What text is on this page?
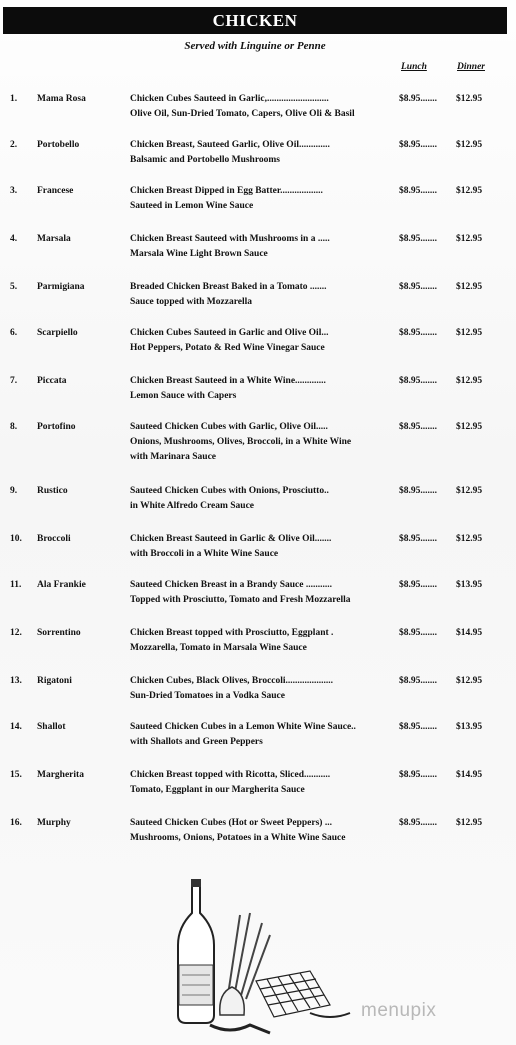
CHICKEN
Served with Linguine or Penne
Lunch	Dinner
1. Mama Rosa	Chicken Cubes Sauteed in Garlic,..........................
Olive Oil, Sun-Dried Tomato, Capers, Olive Oli & Basil
$8.95....... $12.95
2. Portobello	Chicken Breast, Sauteed Garlic, Olive Oil.............
Balsamic and Portobello Mushrooms
$8.95....... $12.95
3. Francese	Chicken Breast Dipped in Egg Batter..................
Sauteed in Lemon Wine Sauce
$8.95....... $12.95
4. Marsala	Chicken Breast Sauteed with Mushrooms in a .....
Marsala Wine Light Brown Sauce
$8.95....... $12.95
5. Parmigiana	Breaded Chicken Breast Baked in a Tomato .......
Sauce topped with Mozzarella
$8.95....... $12.95
6. Scarpiello	Chicken Cubes Sauteed in Garlic and Olive Oil...
Hot Peppers, Potato & Red Wine Vinegar Sauce
$8.95....... $12.95
7. Piccata	Chicken Breast Sauteed in a White Wine.............
Lemon Sauce with Capers
$8.95....... $12.95
8. Portofino	Sauteed Chicken Cubes with Garlic, Olive Oil.....
Onions, Mushrooms, Olives, Broccoli, in a White Wine
with Marinara Sauce
$8.95....... $12.95
9. Rustico	Sauteed Chicken Cubes with Onions, Prosciutto..
in White Alfredo Cream Sauce
$8.95....... $12.95
10. Broccoli	Chicken Breast Sauteed in Garlic & Olive Oil.......
with Broccoli in a White Wine Sauce
$8.95....... $12.95
11. Ala Frankie	Sauteed Chicken Breast in a Brandy Sauce ...........
Topped with Prosciutto, Tomato and Fresh Mozzarella
$8.95....... $13.95
12. Sorrentino	Chicken Breast topped with Prosciutto, Eggplant .
Mozzarella, Tomato in Marsala Wine Sauce
$8.95....... $14.95
13. Rigatoni	Chicken Cubes, Black Olives, Broccoli....................
Sun-Dried Tomatoes in a Vodka Sauce
$8.95....... $12.95
14. Shallot	Sauteed Chicken Cubes in a Lemon White Wine Sauce..
with Shallots and Green Peppers
$8.95....... $13.95
15. Margherita	Chicken Breast topped with Ricotta, Sliced...........
Tomato, Eggplant in our Margherita Sauce
$8.95....... $14.95
16. Murphy	Sauteed Chicken Cubes (Hot or Sweet Peppers) ...
Mushrooms, Onions, Potatoes in a White Wine Sauce
$8.95....... $12.95
menupix
